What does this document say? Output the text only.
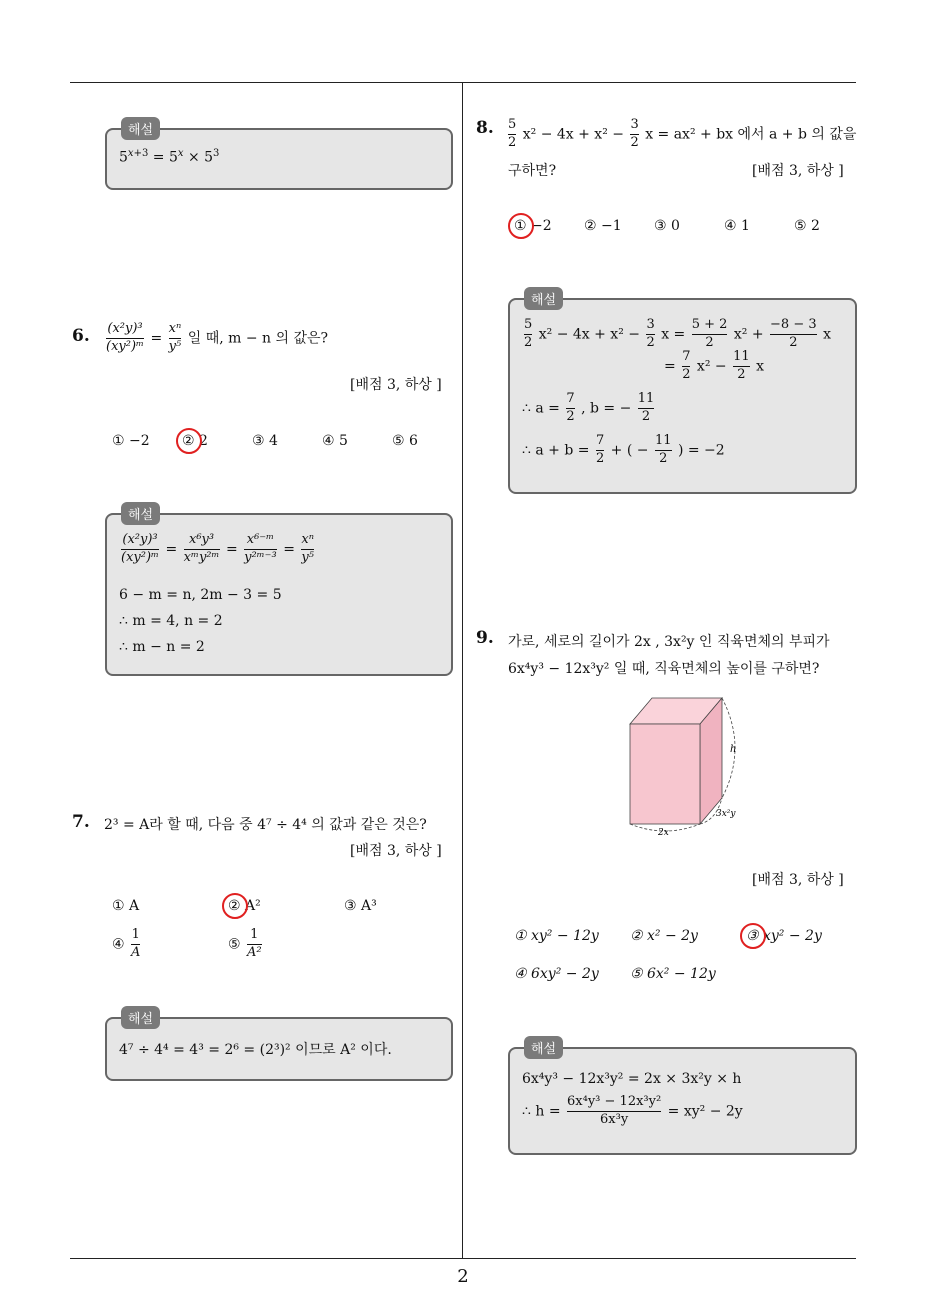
2
해설
$5^{x+3} = 5^x \times 5^3$
6. $\frac{\text{(x²y)³}}{\text{(xy²)ᵐ}} = \frac{\text{xⁿ}}{\text{y⁵}}$ 일 때, m − n 의 값은?
[배점 3, 하상 ]
① −2 ② 2	③ 4	④ 5	⑤ 6
해설
$\frac{\text{(x²y)³}}{\text{(xy²)ᵐ}} = \frac{\text{x⁶y³}}{\text{xᵐy²ᵐ}} = \frac{\text{x⁶⁻ᵐ}}{\text{y²ᵐ⁻³}} = \frac{\text{xⁿ}}{\text{y⁵}}$
6 − m = n, 2m − 3 = 5
∴ m = 4, n = 2
∴ m − n = 2
7. 2³ = A라 할 때, 다음 중 4⁷ ÷ 4⁴ 의 값과 같은 것은?
[배점 3, 하상 ]
① A	② A²	③ A³
④ $\frac{1}{A}$	⑤ $\frac{1}{\text{A²}}$
해설
4⁷ ÷ 4⁴ = 4³ = 2⁶ = (2³)² 이므로 A² 이다.
8. $\frac{5}{2} x^2 - 4x + x^2 - \frac{3}{2}$ x = ax² + bx 에서 a + b 의 값을
구하면?	[배점 3, 하상 ]
① −2 ② −1 ③ 0	④ 1	⑤ 2
해설
$\frac{5}{2} x^2 - 4x + x^2 - \frac{3}{2}$ $x = \frac{5 + 2}{2} x^2 + \frac{-8 - 3}{2}$ x
= $\frac{7}{2} x^2 - \frac{11}{2}$ x
∴ $a = \frac{7}{2}$ , b = − $\frac{11}{2}$
∴ $a + b = \frac{7}{2}$ + ( − $\frac{11}{2}$ ) = −2
9. 가로, 세로의 길이가 2x , 3x²y 인 직육면체의 부피가
6x⁴y³ − 12x³y² 일 때, 직육면체의 높이를 구하면?
h
2x
3x²y
[배점 3, 하상 ]
① xy² − 12y ② x² − 2y	③ xy² − 2y
④ 6xy² − 2y ⑤ 6x² − 12y
해설
6x⁴y³ − 12x³y² = 2x × 3x²y × h
∴ $h = \frac{\text{6x⁴y³ − 12x³y²}}{\text{6x³y}} = xy^2 - 2y$
